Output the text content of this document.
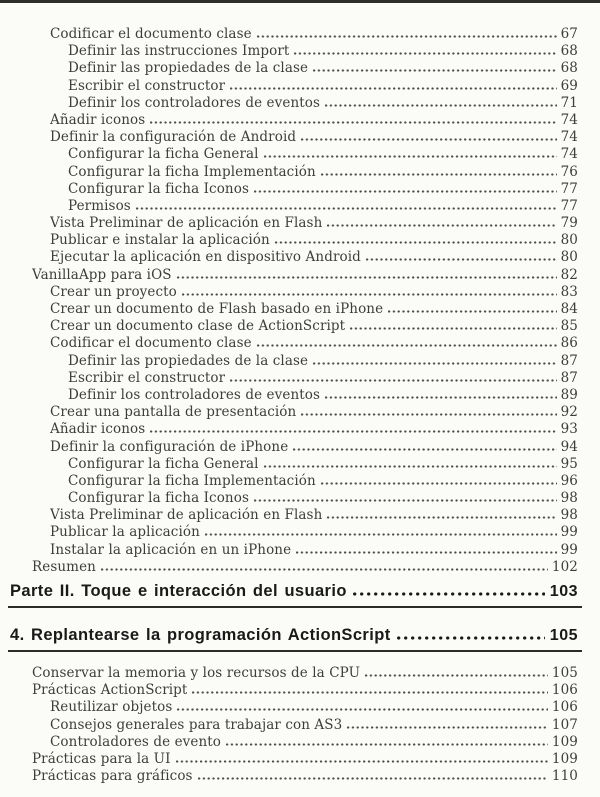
Codificar el documento clase	67
Definir las instrucciones Import	68
Definir las propiedades de la clase	68
Escribir el constructor	69
Definir los controladores de eventos	71
Añadir iconos	74
Definir la configuración de Android	74
Configurar la ficha General	74
Configurar la ficha Implementación	76
Configurar la ficha Iconos	77
Permisos	77
Vista Preliminar de aplicación en Flash	79
Publicar e instalar la aplicación	80
Ejecutar la aplicación en dispositivo Android	80
VanillaApp para iOS	82
Crear un proyecto	83
Crear un documento de Flash basado en iPhone	84
Crear un documento clase de ActionScript	85
Codificar el documento clase	86
Definir las propiedades de la clase	87
Escribir el constructor	87
Definir los controladores de eventos	89
Crear una pantalla de presentación	92
Añadir iconos	93
Definir la configuración de iPhone	94
Configurar la ficha General	95
Configurar la ficha Implementación	96
Configurar la ficha Iconos	98
Vista Preliminar de aplicación en Flash	98
Publicar la aplicación	99
Instalar la aplicación en un iPhone	99
Resumen	102
Parte II. Toque e interacción del usuario	103
4. Replantearse la programación ActionScript	105
Conservar la memoria y los recursos de la CPU	105
Prácticas ActionScript	106
Reutilizar objetos	106
Consejos generales para trabajar con AS3	107
Controladores de evento	109
Prácticas para la UI	109
Prácticas para gráficos	110
